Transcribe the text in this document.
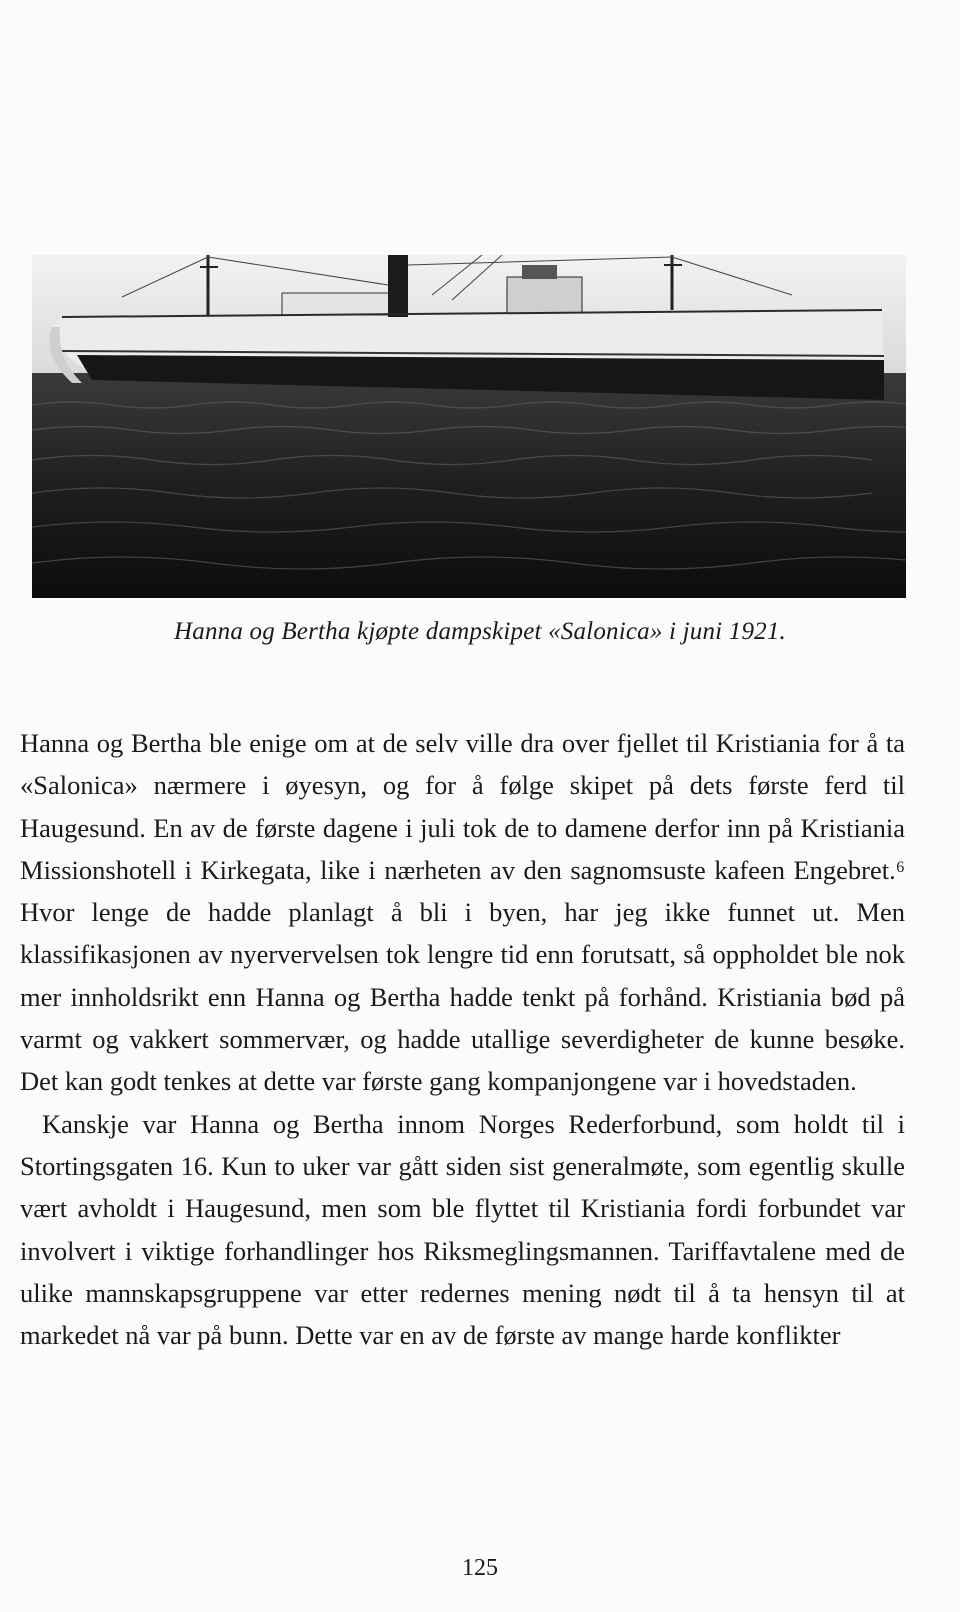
Hanna og Bertha kjøpte dampskipet «Salonica» i juni 1921.

Hanna og Bertha ble enige om at de selv ville dra over fjellet til Kristiania for å ta «Salonica» nærmere i øyesyn, og for å følge skipet på dets første ferd til Haugesund. En av de første dagene i juli tok de to damene derfor inn på Kristiania Missionshotell i Kirkegata, like i nærheten av den sagnomsuste kafeen Engebret.⁶ Hvor lenge de hadde planlagt å bli i byen, har jeg ikke funnet ut. Men klassifikasjonen av nyervervelsen tok lengre tid enn forutsatt, så oppholdet ble nok mer innholdsrikt enn Hanna og Bertha hadde tenkt på forhånd. Kristiania bød på varmt og vakkert sommervær, og hadde utallige severdigheter de kunne besøke. Det kan godt tenkes at dette var første gang kompanjongene var i hovedstaden.

Kanskje var Hanna og Bertha innom Norges Rederforbund, som holdt til i Stortingsgaten 16. Kun to uker var gått siden sist generalmøte, som egentlig skulle vært avholdt i Haugesund, men som ble flyttet til Kristiania fordi forbundet var involvert i viktige forhandlinger hos Riksmeglingsmannen. Tariffavtalene med de ulike mannskapsgruppene var etter redernes mening nødt til å ta hensyn til at markedet nå var på bunn. Dette var en av de første av mange harde konflikter

125
